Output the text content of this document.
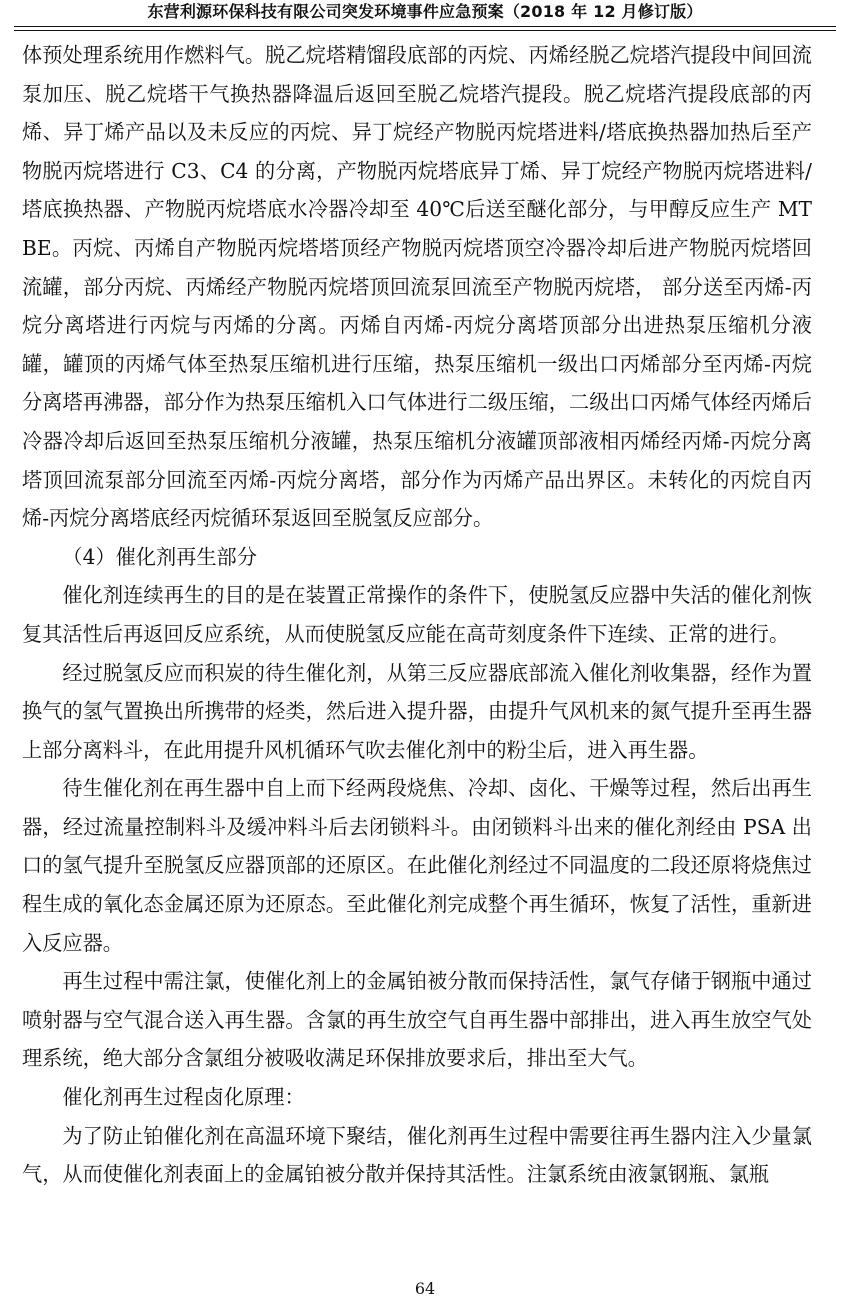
东营利源环保科技有限公司突发环境事件应急预案（2018 年 12 月修订版）

体预处理系统用作燃料气。脱乙烷塔精馏段底部的丙烷、丙烯经脱乙烷塔汽提段中间回流泵加压、脱乙烷塔干气换热器降温后返回至脱乙烷塔汽提段。脱乙烷塔汽提段底部的丙烯、异丁烯产品以及未反应的丙烷、异丁烷经产物脱丙烷塔进料/塔底换热器加热后至产物脱丙烷塔进行 C3、C4 的分离，产物脱丙烷塔底异丁烯、异丁烷经产物脱丙烷塔进料/塔底换热器、产物脱丙烷塔底水冷器冷却至 40℃后送至醚化部分，与甲醇反应生产 MTBE。丙烷、丙烯自产物脱丙烷塔塔顶经产物脱丙烷塔顶空冷器冷却后进产物脱丙烷塔回流罐，部分丙烷、丙烯经产物脱丙烷塔顶回流泵回流至产物脱丙烷塔， 部分送至丙烯-丙烷分离塔进行丙烷与丙烯的分离。丙烯自丙烯-丙烷分离塔顶部分出进热泵压缩机分液罐，罐顶的丙烯气体至热泵压缩机进行压缩，热泵压缩机一级出口丙烯部分至丙烯-丙烷分离塔再沸器，部分作为热泵压缩机入口气体进行二级压缩，二级出口丙烯气体经丙烯后冷器冷却后返回至热泵压缩机分液罐，热泵压缩机分液罐顶部液相丙烯经丙烯-丙烷分离塔顶回流泵部分回流至丙烯-丙烷分离塔，部分作为丙烯产品出界区。未转化的丙烷自丙烯-丙烷分离塔底经丙烷循环泵返回至脱氢反应部分。

（4）催化剂再生部分

催化剂连续再生的目的是在装置正常操作的条件下，使脱氢反应器中失活的催化剂恢复其活性后再返回反应系统，从而使脱氢反应能在高苛刻度条件下连续、正常的进行。

经过脱氢反应而积炭的待生催化剂，从第三反应器底部流入催化剂收集器，经作为置换气的氢气置换出所携带的烃类，然后进入提升器，由提升气风机来的氮气提升至再生器上部分离料斗，在此用提升风机循环气吹去催化剂中的粉尘后，进入再生器。

待生催化剂在再生器中自上而下经两段烧焦、冷却、卤化、干燥等过程，然后出再生器，经过流量控制料斗及缓冲料斗后去闭锁料斗。由闭锁料斗出来的催化剂经由 PSA 出口的氢气提升至脱氢反应器顶部的还原区。在此催化剂经过不同温度的二段还原将烧焦过程生成的氧化态金属还原为还原态。至此催化剂完成整个再生循环，恢复了活性，重新进入反应器。

再生过程中需注氯，使催化剂上的金属铂被分散而保持活性，氯气存储于钢瓶中通过喷射器与空气混合送入再生器。含氯的再生放空气自再生器中部排出，进入再生放空气处理系统，绝大部分含氯组分被吸收满足环保排放要求后，排出至大气。

催化剂再生过程卤化原理：

为了防止铂催化剂在高温环境下聚结，催化剂再生过程中需要往再生器内注入少量氯气，从而使催化剂表面上的金属铂被分散并保持其活性。注氯系统由液氯钢瓶、氯瓶

64
